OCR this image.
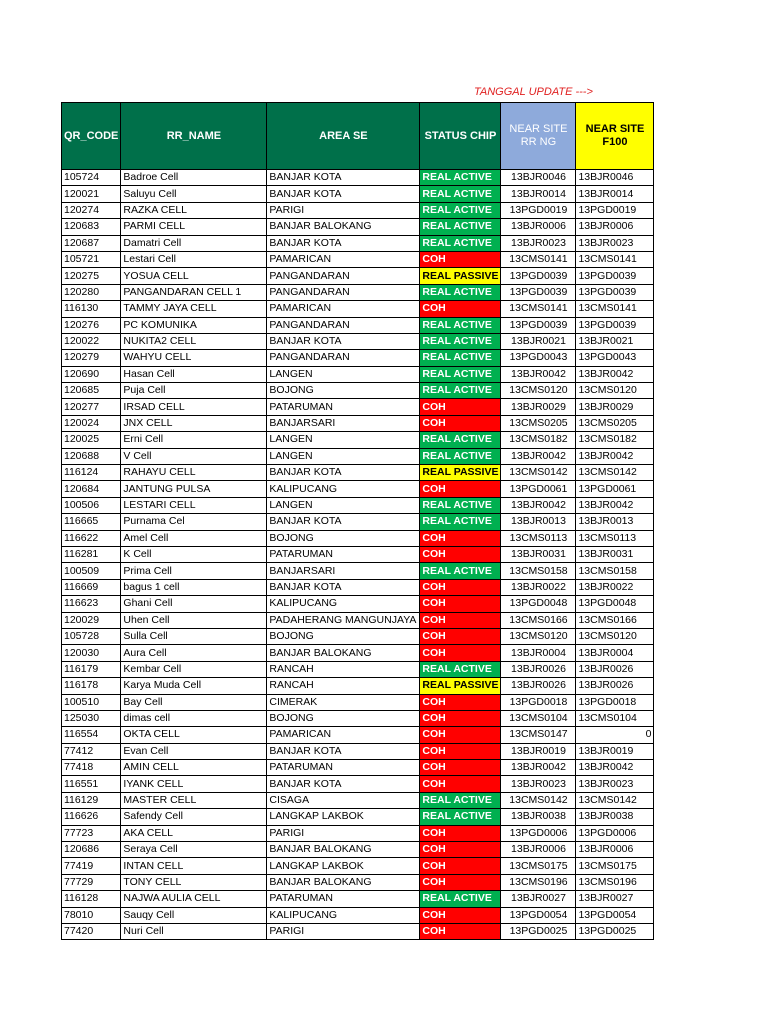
TANGGAL UPDATE --->
QR_CODE	RR_NAME	AREA SE	STATUS CHIP	NEAR SITE RR NG	NEAR SITE F100
105724	Badroe Cell	BANJAR KOTA	REAL ACTIVE	13BJR0046	13BJR0046
120021	Saluyu Cell	BANJAR KOTA	REAL ACTIVE	13BJR0014	13BJR0014
120274	RAZKA CELL	PARIGI	REAL ACTIVE	13PGD0019	13PGD0019
120683	PARMI CELL	BANJAR BALOKANG	REAL ACTIVE	13BJR0006	13BJR0006
120687	Damatri Cell	BANJAR KOTA	REAL ACTIVE	13BJR0023	13BJR0023
105721	Lestari Cell	PAMARICAN	COH	13CMS0141	13CMS0141
120275	YOSUA CELL	PANGANDARAN	REAL PASSIVE	13PGD0039	13PGD0039
120280	PANGANDARAN CELL 1	PANGANDARAN	REAL ACTIVE	13PGD0039	13PGD0039
116130	TAMMY JAYA CELL	PAMARICAN	COH	13CMS0141	13CMS0141
120276	PC KOMUNIKA	PANGANDARAN	REAL ACTIVE	13PGD0039	13PGD0039
120022	NUKITA2 CELL	BANJAR KOTA	REAL ACTIVE	13BJR0021	13BJR0021
120279	WAHYU CELL	PANGANDARAN	REAL ACTIVE	13PGD0043	13PGD0043
120690	Hasan Cell	LANGEN	REAL ACTIVE	13BJR0042	13BJR0042
120685	Puja Cell	BOJONG	REAL ACTIVE	13CMS0120	13CMS0120
120277	IRSAD CELL	PATARUMAN	COH	13BJR0029	13BJR0029
120024	JNX CELL	BANJARSARI	COH	13CMS0205	13CMS0205
120025	Erni Cell	LANGEN	REAL ACTIVE	13CMS0182	13CMS0182
120688	V Cell	LANGEN	REAL ACTIVE	13BJR0042	13BJR0042
116124	RAHAYU CELL	BANJAR KOTA	REAL PASSIVE	13CMS0142	13CMS0142
120684	JANTUNG PULSA	KALIPUCANG	COH	13PGD0061	13PGD0061
100506	LESTARI CELL	LANGEN	REAL ACTIVE	13BJR0042	13BJR0042
116665	Purnama Cel	BANJAR KOTA	REAL ACTIVE	13BJR0013	13BJR0013
116622	Amel Cell	BOJONG	COH	13CMS0113	13CMS0113
116281	K Cell	PATARUMAN	COH	13BJR0031	13BJR0031
100509	Prima Cell	BANJARSARI	REAL ACTIVE	13CMS0158	13CMS0158
116669	bagus 1 cell	BANJAR KOTA	COH	13BJR0022	13BJR0022
116623	Ghani Cell	KALIPUCANG	COH	13PGD0048	13PGD0048
120029	Uhen Cell	PADAHERANG MANGUNJAYA	COH	13CMS0166	13CMS0166
105728	Sulla Cell	BOJONG	COH	13CMS0120	13CMS0120
120030	Aura Cell	BANJAR BALOKANG	COH	13BJR0004	13BJR0004
116179	Kembar Cell	RANCAH	REAL ACTIVE	13BJR0026	13BJR0026
116178	Karya Muda Cell	RANCAH	REAL PASSIVE	13BJR0026	13BJR0026
100510	Bay Cell	CIMERAK	COH	13PGD0018	13PGD0018
125030	dimas cell	BOJONG	COH	13CMS0104	13CMS0104
116554	OKTA CELL	PAMARICAN	COH	13CMS0147	0
77412	Evan Cell	BANJAR KOTA	COH	13BJR0019	13BJR0019
77418	AMIN CELL	PATARUMAN	COH	13BJR0042	13BJR0042
116551	IYANK CELL	BANJAR KOTA	COH	13BJR0023	13BJR0023
116129	MASTER CELL	CISAGA	REAL ACTIVE	13CMS0142	13CMS0142
116626	Safendy Cell	LANGKAP LAKBOK	REAL ACTIVE	13BJR0038	13BJR0038
77723	AKA CELL	PARIGI	COH	13PGD0006	13PGD0006
120686	Seraya Cell	BANJAR BALOKANG	COH	13BJR0006	13BJR0006
77419	INTAN CELL	LANGKAP LAKBOK	COH	13CMS0175	13CMS0175
77729	TONY CELL	BANJAR BALOKANG	COH	13CMS0196	13CMS0196
116128	NAJWA AULIA CELL	PATARUMAN	REAL ACTIVE	13BJR0027	13BJR0027
78010	Sauqy Cell	KALIPUCANG	COH	13PGD0054	13PGD0054
77420	Nuri Cell	PARIGI	COH	13PGD0025	13PGD0025
